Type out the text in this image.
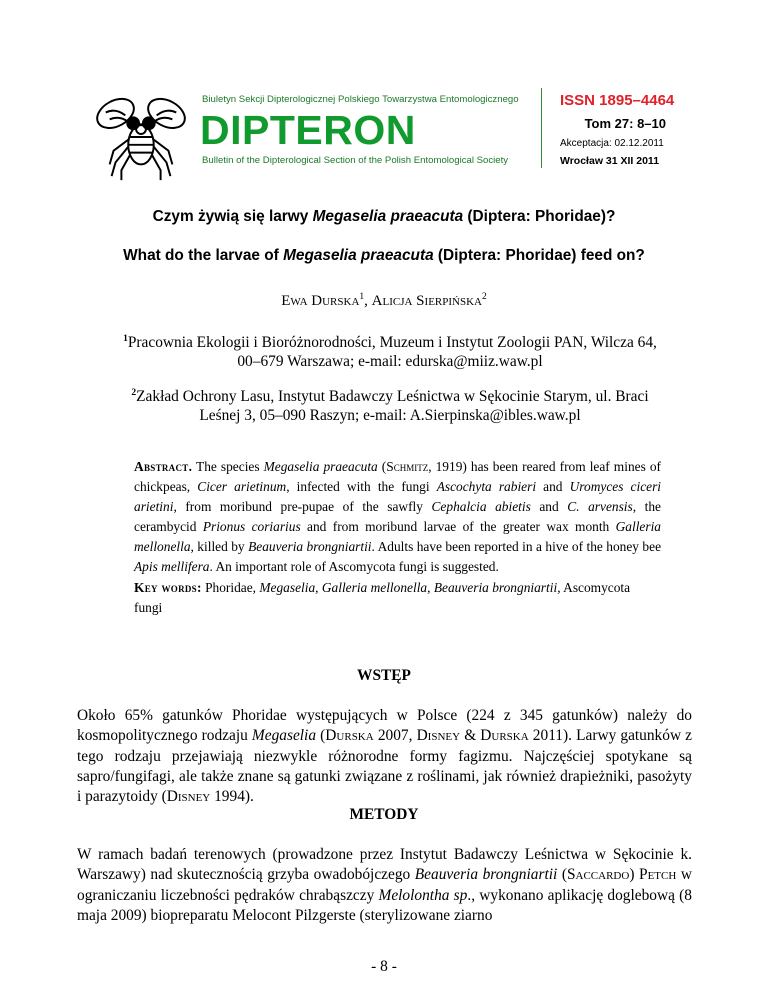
Biuletyn Sekcji Dipterologicznej Polskiego Towarzystwa Entomologicznego
DIPTERON
Bulletin of the Dipterological Section of the Polish Entomological Society
ISSN 1895–4464
Tom 27: 8–10
Akceptacja: 02.12.2011
Wrocław 31 XII 2011
Czym żywią się larwy Megaselia praeacuta (Diptera: Phoridae)?
What do the larvae of Megaselia praeacuta (Diptera: Phoridae) feed on?
Ewa Durska$^1$, Alicja Sierpińska$^2$
$^1$Pracownia Ekologii i Bioróżnorodności, Muzeum i Instytut Zoologii PAN, Wilcza 64, 00–679 Warszawa; e-mail: edurska@miiz.waw.pl
$^2$Zakład Ochrony Lasu, Instytut Badawczy Leśnictwa w Sękocinie Starym, ul. Braci Leśnej 3, 05–090 Raszyn; e-mail: A.Sierpinska@ibles.waw.pl
Abstract. The species Megaselia praeacuta (Schmitz, 1919) has been reared from leaf mines of chickpeas, Cicer arietinum, infected with the fungi Ascochyta rabieri and Uromyces ciceri arietini, from moribund pre-pupae of the sawfly Cephalcia abietis and C. arvensis, the cerambycid Prionus coriarius and from moribund larvae of the greater wax month Galleria mellonella, killed by Beauveria brongniartii. Adults have been reported in a hive of the honey bee Apis mellifera. An important role of Ascomycota fungi is suggested.
Key words: Phoridae, Megaselia, Galleria mellonella, Beauveria brongniartii, Ascomycota fungi
WSTĘP
Około 65% gatunków Phoridae występujących w Polsce (224 z 345 gatunków) należy do kosmopolitycznego rodzaju Megaselia (Durska 2007, Disney & Durska 2011). Larwy gatunków z tego rodzaju przejawiają niezwykle różnorodne formy fagizmu. Najczęściej spotykane są sapro/fungifagi, ale także znane są gatunki związane z roślinami, jak również drapieżniki, pasożyty i parazytoidy (Disney 1994).
METODY
W ramach badań terenowych (prowadzone przez Instytut Badawczy Leśnictwa w Sękocinie k. Warszawy) nad skutecznością grzyba owadobójczego Beauveria brongniartii (Saccardo) Petch w ograniczaniu liczebności pędraków chrabąszczy Melolontha sp., wykonano aplikację doglebową (8 maja 2009) biopreparatu Melocont Pilzgerste (sterylizowane ziarno
- 8 -
